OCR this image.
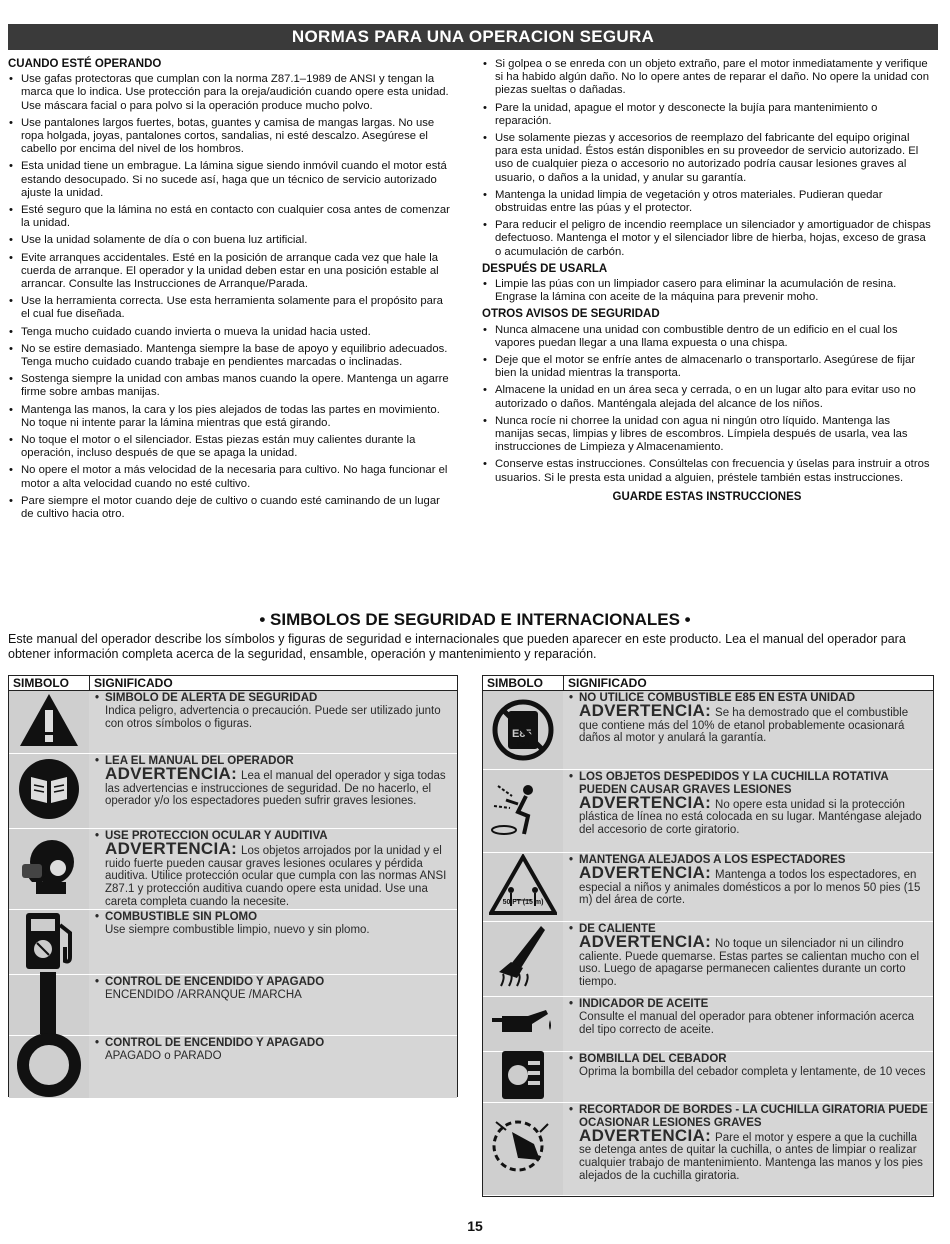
NORMAS PARA UNA OPERACION SEGURA
CUANDO ESTÉ OPERANDO
• Use gafas protectoras que cumplan con la norma Z87.1–1989 de ANSI y tengan la marca que lo indica. Use protección para la oreja/audición cuando opere esta unidad. Use máscara facial o para polvo si la operación produce mucho polvo.
• Use pantalones largos fuertes, botas, guantes y camisa de mangas largas. No use ropa holgada, joyas, pantalones cortos, sandalias, ni esté descalzo. Asegúrese el cabello por encima del nivel de los hombros.
• Esta unidad tiene un embrague. La lámina sigue siendo inmóvil cuando el motor está estando desocupado. Si no sucede así, haga que un técnico de servicio autorizado ajuste la unidad.
• Esté seguro que la lámina no está en contacto con cualquier cosa antes de comenzar la unidad.
• Use la unidad solamente de día o con buena luz artificial.
• Evite arranques accidentales. Esté en la posición de arranque cada vez que hale la cuerda de arranque. El operador y la unidad deben estar en una posición estable al arrancar. Consulte las Instrucciones de Arranque/Parada.
• Use la herramienta correcta. Use esta herramienta solamente para el propósito para el cual fue diseñada.
• Tenga mucho cuidado cuando invierta o mueva la unidad hacia usted.
• No se estire demasiado. Mantenga siempre la base de apoyo y equilibrio adecuados. Tenga mucho cuidado cuando trabaje en pendientes marcadas o inclinadas.
• Sostenga siempre la unidad con ambas manos cuando la opere. Mantenga un agarre firme sobre ambas manijas.
• Mantenga las manos, la cara y los pies alejados de todas las partes en movimiento. No toque ni intente parar la lámina mientras que está girando.
• No toque el motor o el silenciador. Estas piezas están muy calientes durante la operación, incluso después de que se apaga la unidad.
• No opere el motor a más velocidad de la necesaria para cultivo. No haga funcionar el motor a alta velocidad cuando no esté cultivo.
• Pare siempre el motor cuando deje de cultivo o cuando esté caminando de un lugar de cultivo hacia otro.
• Si golpea o se enreda con un objeto extraño, pare el motor inmediatamente y verifique si ha habido algún daño. No lo opere antes de reparar el daño. No opere la unidad con piezas sueltas o dañadas.
• Pare la unidad, apague el motor y desconecte la bujía para mantenimiento o reparación.
• Use solamente piezas y accesorios de reemplazo del fabricante del equipo original para esta unidad. Éstos están disponibles en su proveedor de servicio autorizado. El uso de cualquier pieza o accesorio no autorizado podría causar lesiones graves al usuario, o daños a la unidad, y anular su garantía.
• Mantenga la unidad limpia de vegetación y otros materiales. Pudieran quedar obstruidas entre las púas y el protector.
• Para reducir el peligro de incendio reemplace un silenciador y amortiguador de chispas defectuoso. Mantenga el motor y el silenciador libre de hierba, hojas, exceso de grasa o acumulación de carbón.
DESPUÉS DE USARLA
• Limpie las púas con un limpiador casero para eliminar la acumulación de resina. Engrase la lámina con aceite de la máquina para prevenir moho.
OTROS AVISOS DE SEGURIDAD
• Nunca almacene una unidad con combustible dentro de un edificio en el cual los vapores puedan llegar a una llama expuesta o una chispa.
• Deje que el motor se enfríe antes de almacenarlo o transportarlo. Asegúrese de fijar bien la unidad mientras la transporta.
• Almacene la unidad en un área seca y cerrada, o en un lugar alto para evitar uso no autorizado o daños. Manténgala alejada del alcance de los niños.
• Nunca rocíe ni chorree la unidad con agua ni ningún otro líquido. Mantenga las manijas secas, limpias y libres de escombros. Límpiela después de usarla, vea las instrucciones de Limpieza y Almacenamiento.
• Conserve estas instrucciones. Consúltelas con frecuencia y úselas para instruir a otros usuarios. Si le presta esta unidad a alguien, préstele también estas instrucciones.

GUARDE ESTAS INSTRUCCIONES

• SIMBOLOS DE SEGURIDAD E INTERNACIONALES •
Este manual del operador describe los símbolos y figuras de seguridad e internacionales que pueden aparecer en este producto. Lea el manual del operador para obtener información completa acerca de la seguridad, ensamble, operación y mantenimiento y reparación.
SIMBOLO	SIGNIFICADO
• SIMBOLO DE ALERTA DE SEGURIDAD
Indica peligro, advertencia o precaución. Puede ser utilizado junto con otros símbolos o figuras.
• LEA EL MANUAL DEL OPERADOR
ADVERTENCIA: Lea el manual del operador y siga todas las advertencias e instrucciones de seguridad. De no hacerlo, el operador y/o los espectadores pueden sufrir graves lesiones.
• USE PROTECCION OCULAR Y AUDITIVA
ADVERTENCIA: Los objetos arrojados por la unidad y el ruido fuerte pueden causar graves lesiones oculares y pérdida auditiva. Utilice protección ocular que cumpla con las normas ANSI Z87.1 y protección auditiva cuando opere esta unidad. Use una careta completa cuando la necesite.
• COMBUSTIBLE SIN PLOMO
Use siempre combustible limpio, nuevo y sin plomo.
• CONTROL DE ENCENDIDO Y APAGADO
ENCENDIDO /ARRANQUE /MARCHA
• CONTROL DE ENCENDIDO Y APAGADO
APAGADO o PARADO
SIMBOLO	SIGNIFICADO
E85
E85
• NO UTILICE COMBUSTIBLE E85 EN ESTA UNIDAD
ADVERTENCIA: Se ha demostrado que el combustible que contiene más del 10% de etanol probablemente ocasionará daños al motor y anulará la garantía.
• LOS OBJETOS DESPEDIDOS Y LA CUCHILLA ROTATIVA PUEDEN CAUSAR GRAVES LESIONES
ADVERTENCIA: No opere esta unidad si la protección plástica de línea no está colocada en su lugar. Manténgase alejado del accesorio de corte giratorio.
50 FT (15 m)
• MANTENGA ALEJADOS A LOS ESPECTADORES
ADVERTENCIA: Mantenga a todos los espectadores, en especial a niños y animales domésticos a por lo menos 50 pies (15 m) del área de corte.
• DE CALIENTE
ADVERTENCIA: No toque un silenciador ni un cilindro caliente. Puede quemarse. Estas partes se calientan mucho con el uso. Luego de apagarse permanecen calientes durante un corto tiempo.
• INDICADOR DE ACEITE
Consulte el manual del operador para obtener información acerca del tipo correcto de aceite.
• BOMBILLA DEL CEBADOR
Oprima la bombilla del cebador completa y lentamente, de 10 veces
• RECORTADOR DE BORDES - LA CUCHILLA GIRATORIA PUEDE OCASIONAR LESIONES GRAVES
ADVERTENCIA: Pare el motor y espere a que la cuchilla se detenga antes de quitar la cuchilla, o antes de limpiar o realizar cualquier trabajo de mantenimiento. Mantenga las manos y los pies alejados de la cuchilla giratoria.
15
